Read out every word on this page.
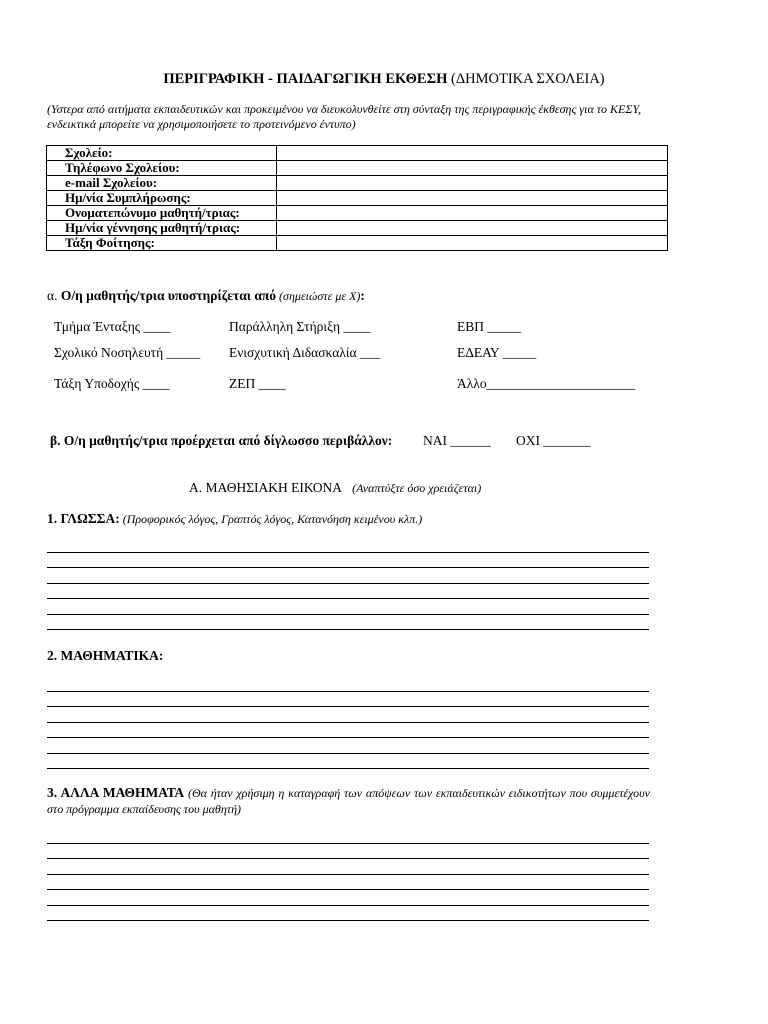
ΠΕΡΙΓΡΑΦΙΚΗ - ΠΑΙΔΑΓΩΓΙΚΗ ΕΚΘΕΣΗ (ΔΗΜΟΤΙΚΑ ΣΧΟΛΕΙΑ)
(Υστερα από αιτήματα εκπαιδευτικών και προκειμένου να διευκολυνθείτε στη σύνταξη της περιγραφικής έκθεσης για το ΚΕΣΥ, ενδεικτικά μπορείτε να χρησιμοποιήσετε το προτεινόμενο έντυπο)
Σχολείο:	
Τηλέφωνο Σχολείου:	
e-mail Σχολείου:	
Ημ/νία Συμπλήρωσης:	
Ονοματεπώνυμο μαθητή/τριας:	
Ημ/νία γέννησης μαθητή/τριας:	
Τάξη Φοίτησης:	
α. Ο/η μαθητής/τρια υποστηρίζεται από (σημειώστε με Χ):
Τμήμα Ένταξης ____	Παράλληλη Στήριξη ____	ΕΒΠ _____
Σχολικό Νοσηλευτή _____ Ενισχυτική Διδασκαλία ___	ΕΔΕΑΥ _____
Τάξη Υποδοχής ____	ΖΕΠ ____	Άλλο______________________
β. Ο/η μαθητής/τρια προέρχεται από δίγλωσσο περιβάλλον: ΝΑΙ ______ ΟΧΙ _______
Α. ΜΑΘΗΣΙΑΚΗ ΕΙΚΟΝΑ (Αναπτύξτε όσο χρειάζεται)
1. ΓΛΩΣΣΑ: (Προφορικός λόγος, Γραπτός λόγος, Κατανόηση κειμένου κλπ.)
2. ΜΑΘΗΜΑΤΙΚΑ:
3. ΑΛΛΑ ΜΑΘΗΜΑΤΑ (Θα ήταν χρήσιμη η καταγραφή των απόψεων των εκπαιδευτικών ειδικοτήτων που συμμετέχουν στο πρόγραμμα εκπαίδευσης του μαθητή)
